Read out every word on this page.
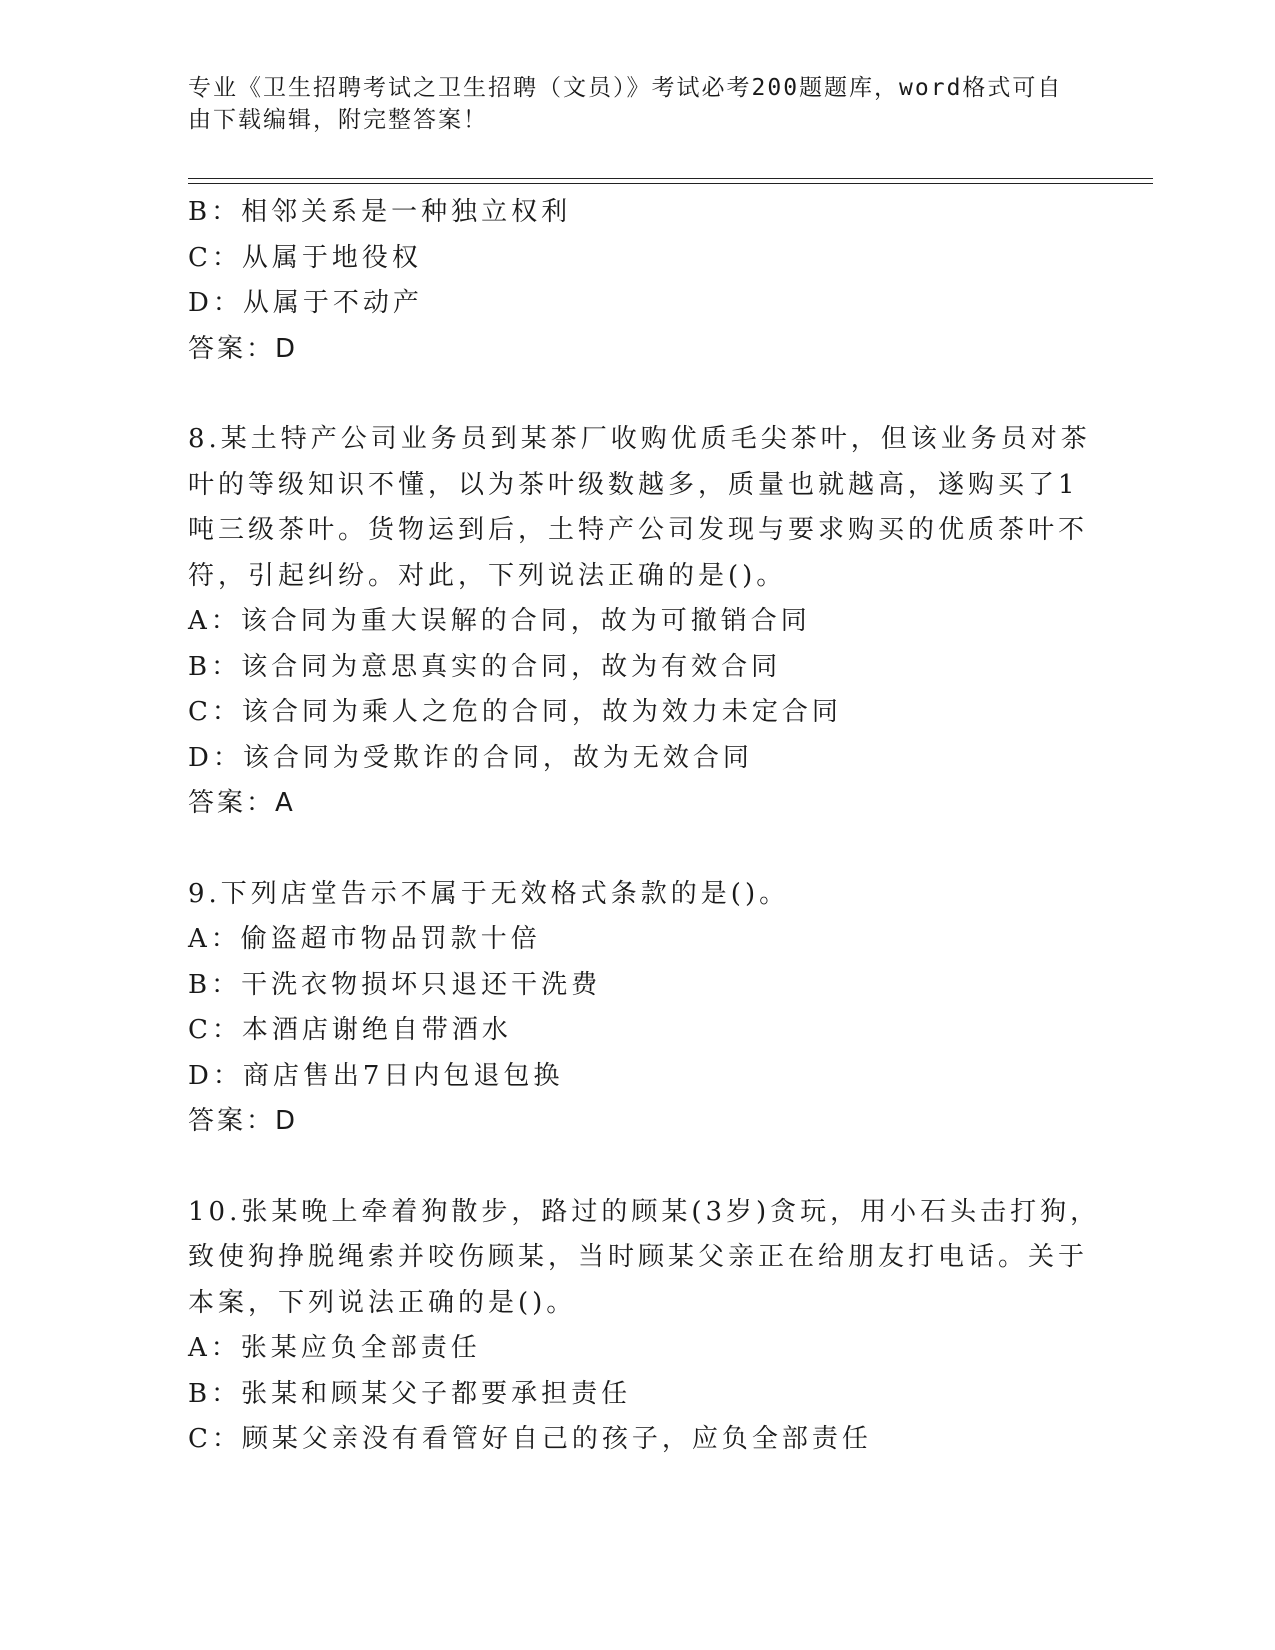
专业《卫生招聘考试之卫生招聘（文员）》考试必考200题题库，word格式可自由下载编辑，附完整答案！
B：相邻关系是一种独立权利
C：从属于地役权
D：从属于不动产
答案：D
8.某土特产公司业务员到某茶厂收购优质毛尖茶叶，但该业务员对茶
叶的等级知识不懂，以为茶叶级数越多，质量也就越高，遂购买了1
吨三级茶叶。货物运到后，土特产公司发现与要求购买的优质茶叶不
符，引起纠纷。对此，下列说法正确的是()。
A：该合同为重大误解的合同，故为可撤销合同
B：该合同为意思真实的合同，故为有效合同
C：该合同为乘人之危的合同，故为效力未定合同
D：该合同为受欺诈的合同，故为无效合同
答案：A
9.下列店堂告示不属于无效格式条款的是()。
A：偷盗超市物品罚款十倍
B：干洗衣物损坏只退还干洗费
C：本酒店谢绝自带酒水
D：商店售出7日内包退包换
答案：D
10.张某晚上牵着狗散步，路过的顾某(3岁)贪玩，用小石头击打狗，
致使狗挣脱绳索并咬伤顾某，当时顾某父亲正在给朋友打电话。关于
本案，下列说法正确的是()。
A：张某应负全部责任
B：张某和顾某父子都要承担责任
C：顾某父亲没有看管好自己的孩子，应负全部责任
